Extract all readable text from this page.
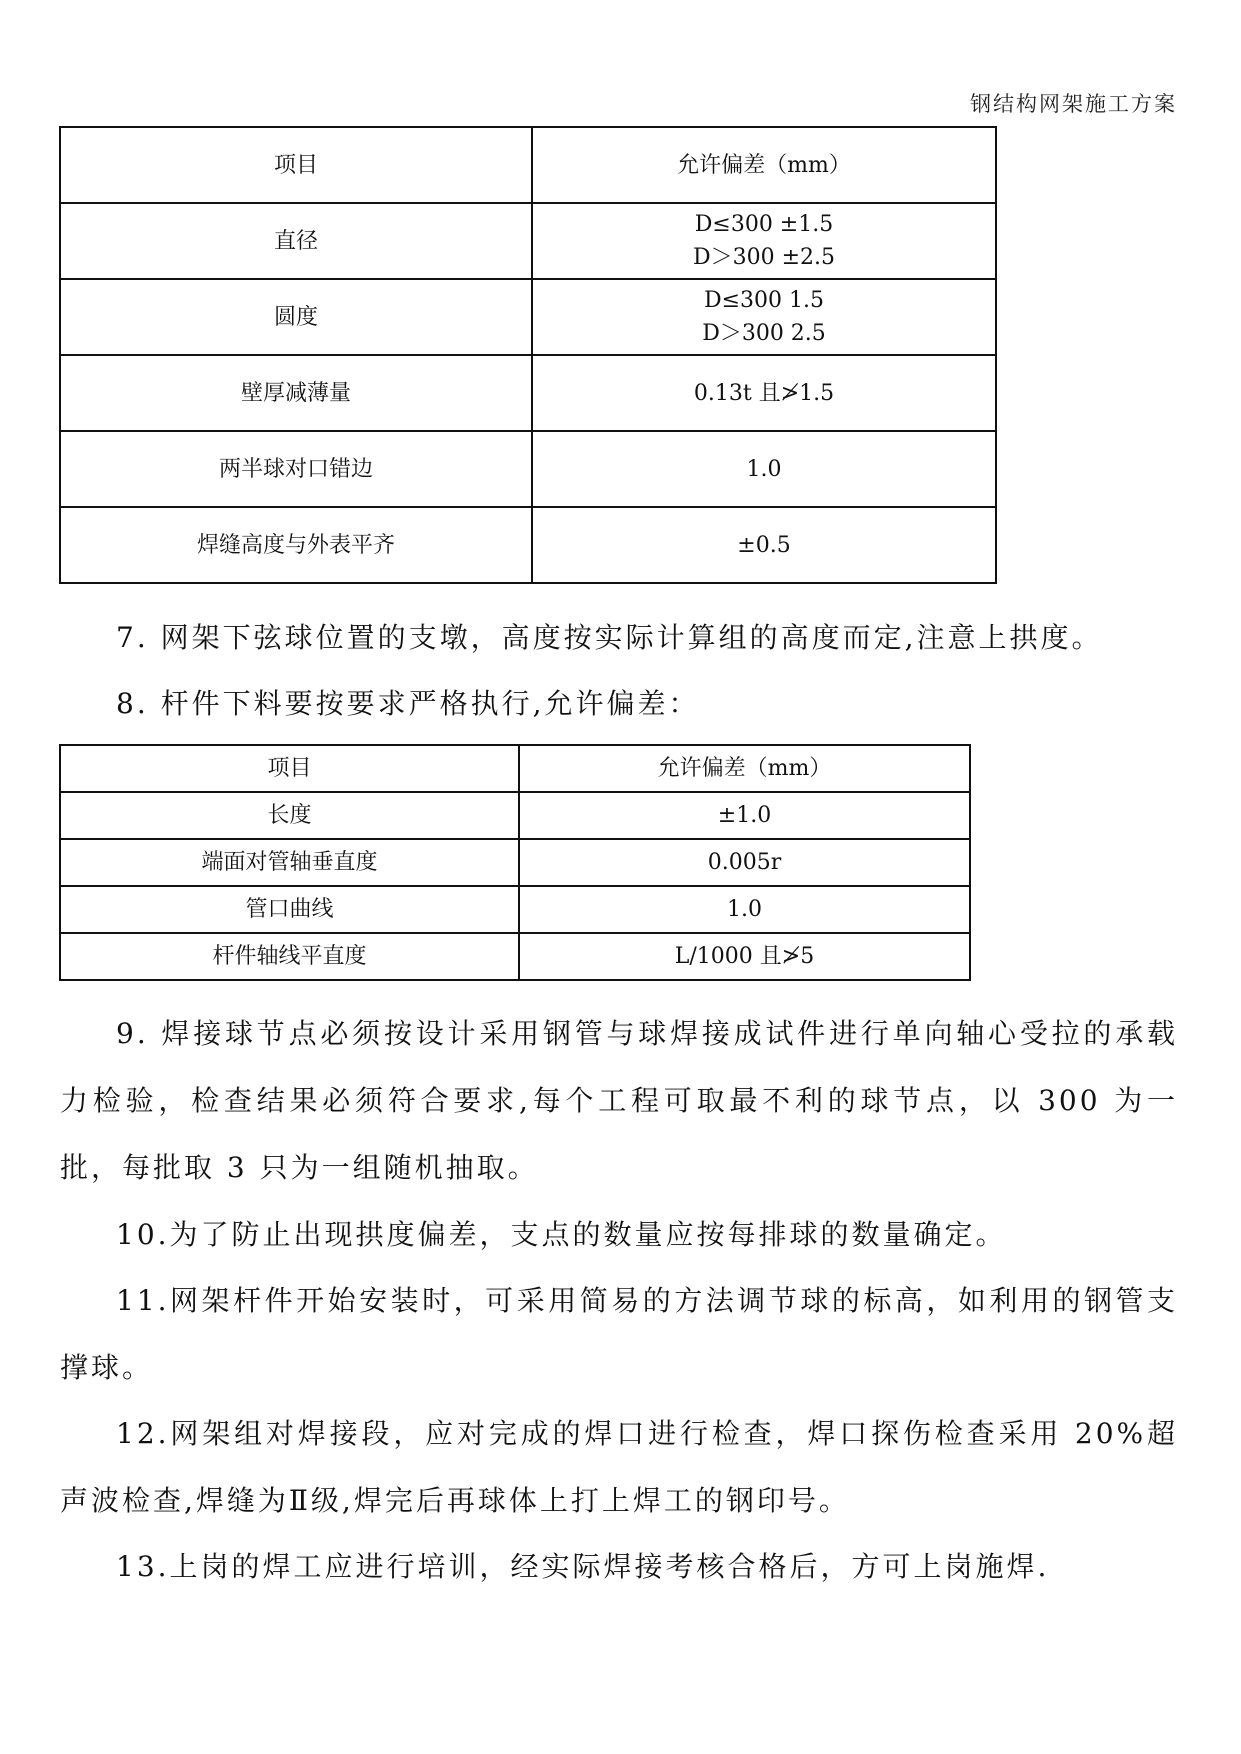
钢结构网架施工方案
项目	允许偏差（mm）
直径	D≤300 ±1.5
D＞300 ±2.5

圆度	D≤300 1.5
D＞300 2.5

壁厚减薄量	0.13t 且≯1.5
两半球对口错边	1.0
焊缝高度与外表平齐	±0.5

7. 网架下弦球位置的支墩，高度按实际计算组的高度而定,注意上拱度。

8. 杆件下料要按要求严格执行,允许偏差：

项目	允许偏差（mm）
长度	±1.0
端面对管轴垂直度	0.005r
管口曲线	1.0
杆件轴线平直度	L/1000 且≯5

9. 焊接球节点必须按设计采用钢管与球焊接成试件进行单向轴心受拉的承载力检验，检查结果必须符合要求,每个工程可取最不利的球节点，以 300 为一批，每批取 3 只为一组随机抽取。

10.为了防止出现拱度偏差，支点的数量应按每排球的数量确定。

11.网架杆件开始安装时，可采用简易的方法调节球的标高，如利用的钢管支撑球。

12.网架组对焊接段，应对完成的焊口进行检查，焊口探伤检查采用 20%超声波检查,焊缝为Ⅱ级,焊完后再球体上打上焊工的钢印号。

13.上岗的焊工应进行培训，经实际焊接考核合格后，方可上岗施焊.
